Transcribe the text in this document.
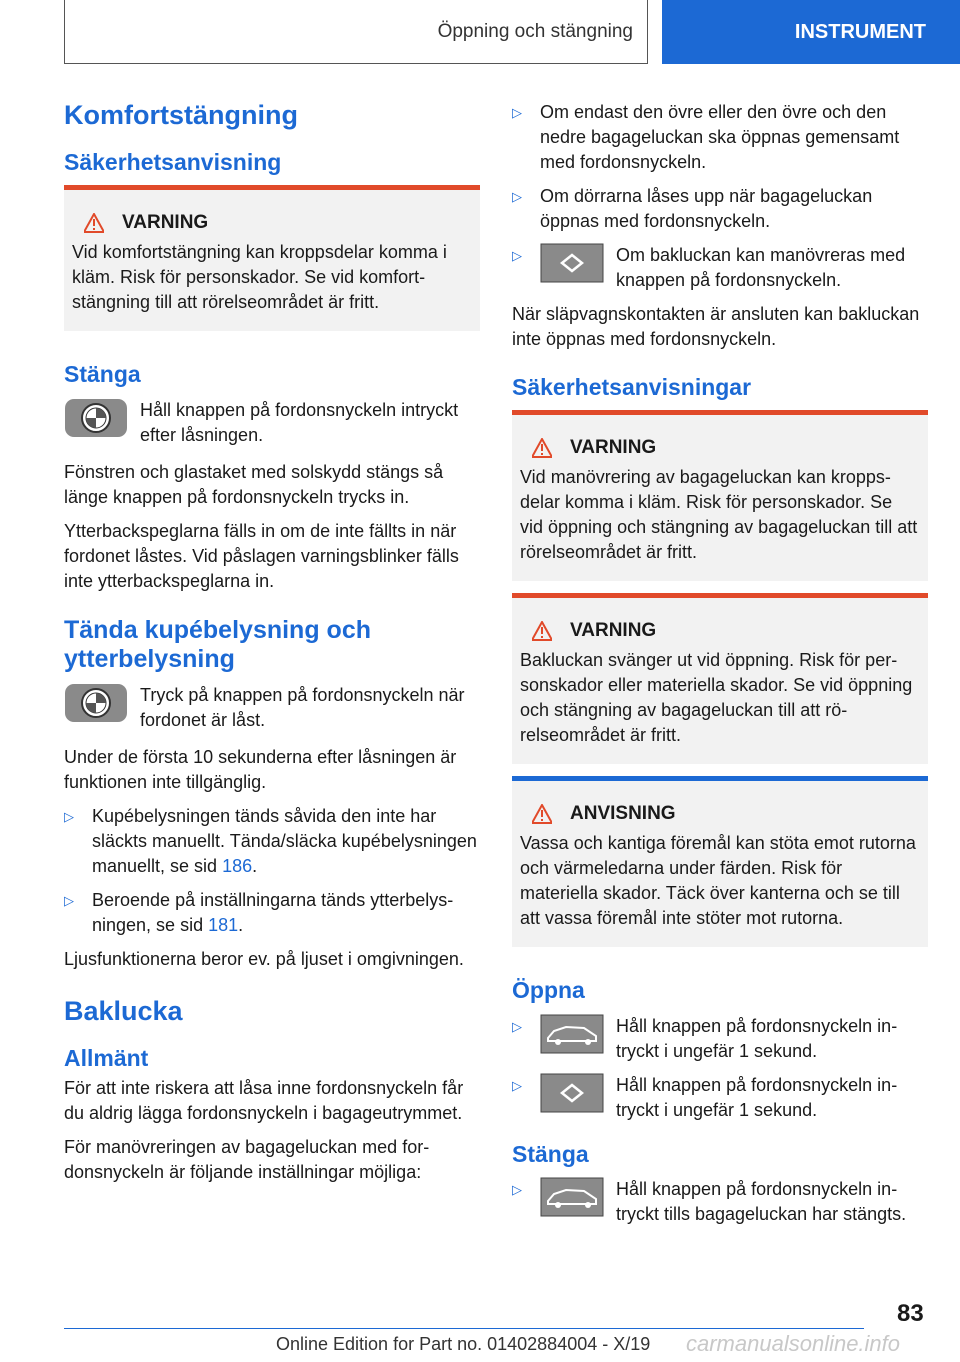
Öppning och stängning	INSTRUMENT
Komfortstängning
Säkerhetsanvisning
VARNING

Vid komfortstängning kan kroppsdelar komma i kläm. Risk för personskador. Se vid komfortstängning till att rörelseområdet är fritt.

Stänga

Håll knappen på fordonsnyckeln intryckt efter låsningen.

Fönstren och glastaket med solskydd stängs så länge knappen på fordonsnyckeln trycks in.

Ytterbackspeglarna fälls in om de inte fällts in när fordonet låstes. Vid påslagen varningsblinker fälls inte ytterbackspeglarna in.

Tända kupébelysning och ytterbelysning

Tryck på knappen på fordonsnyckeln när fordonet är låst.

Under de första 10 sekunderna efter låsningen är funktionen inte tillgänglig.

▷	Kupébelysningen tänds såvida den inte har släckts manuellt. Tända/släcka kupébelysningen manuellt, se sid 186.

▷	Beroende på inställningarna tänds ytterbelysningen, se sid 181.

Ljusfunktionerna beror ev. på ljuset i omgivningen.

Baklucka
Allmänt

För att inte riskera att låsa inne fordonsnyckeln får du aldrig lägga fordonsnyckeln i bagageutrymmet.

För manövreringen av bagageluckan med fordonsnyckeln är följande inställningar möjliga:

▷	Om endast den övre eller den övre och den nedre bagageluckan ska öppnas gemensamt med fordonsnyckeln.

▷	Om dörrarna låses upp när bagageluckan öppnas med fordonsnyckeln.

▷	Om bakluckan kan manövreras med knappen på fordonsnyckeln.

När släpvagnskontakten är ansluten kan bakluckan inte öppnas med fordonsnyckeln.

Säkerhetsanvisningar
VARNING

Vid manövrering av bagageluckan kan kroppsdelar komma i kläm. Risk för personskador. Se vid öppning och stängning av bagageluckan till att rörelseområdet är fritt.

VARNING

Bakluckan svänger ut vid öppning. Risk för personskador eller materiella skador. Se vid öppning och stängning av bagageluckan till att rörelseområdet är fritt.

ANVISNING

Vassa och kantiga föremål kan stöta emot rutorna och värmeledarna under färden. Risk för materiella skador. Täck över kanterna och se till att vassa föremål inte stöter mot rutorna.

Öppna
▷	Håll knappen på fordonsnyckeln intryckt i ungefär 1 sekund.

▷	Håll knappen på fordonsnyckeln intryckt i ungefär 1 sekund.

Stänga
▷	Håll knappen på fordonsnyckeln intryckt tills bagageluckan har stängts.

83
Online Edition for Part no. 01402884004 - X/19 carmanualsonline.info
